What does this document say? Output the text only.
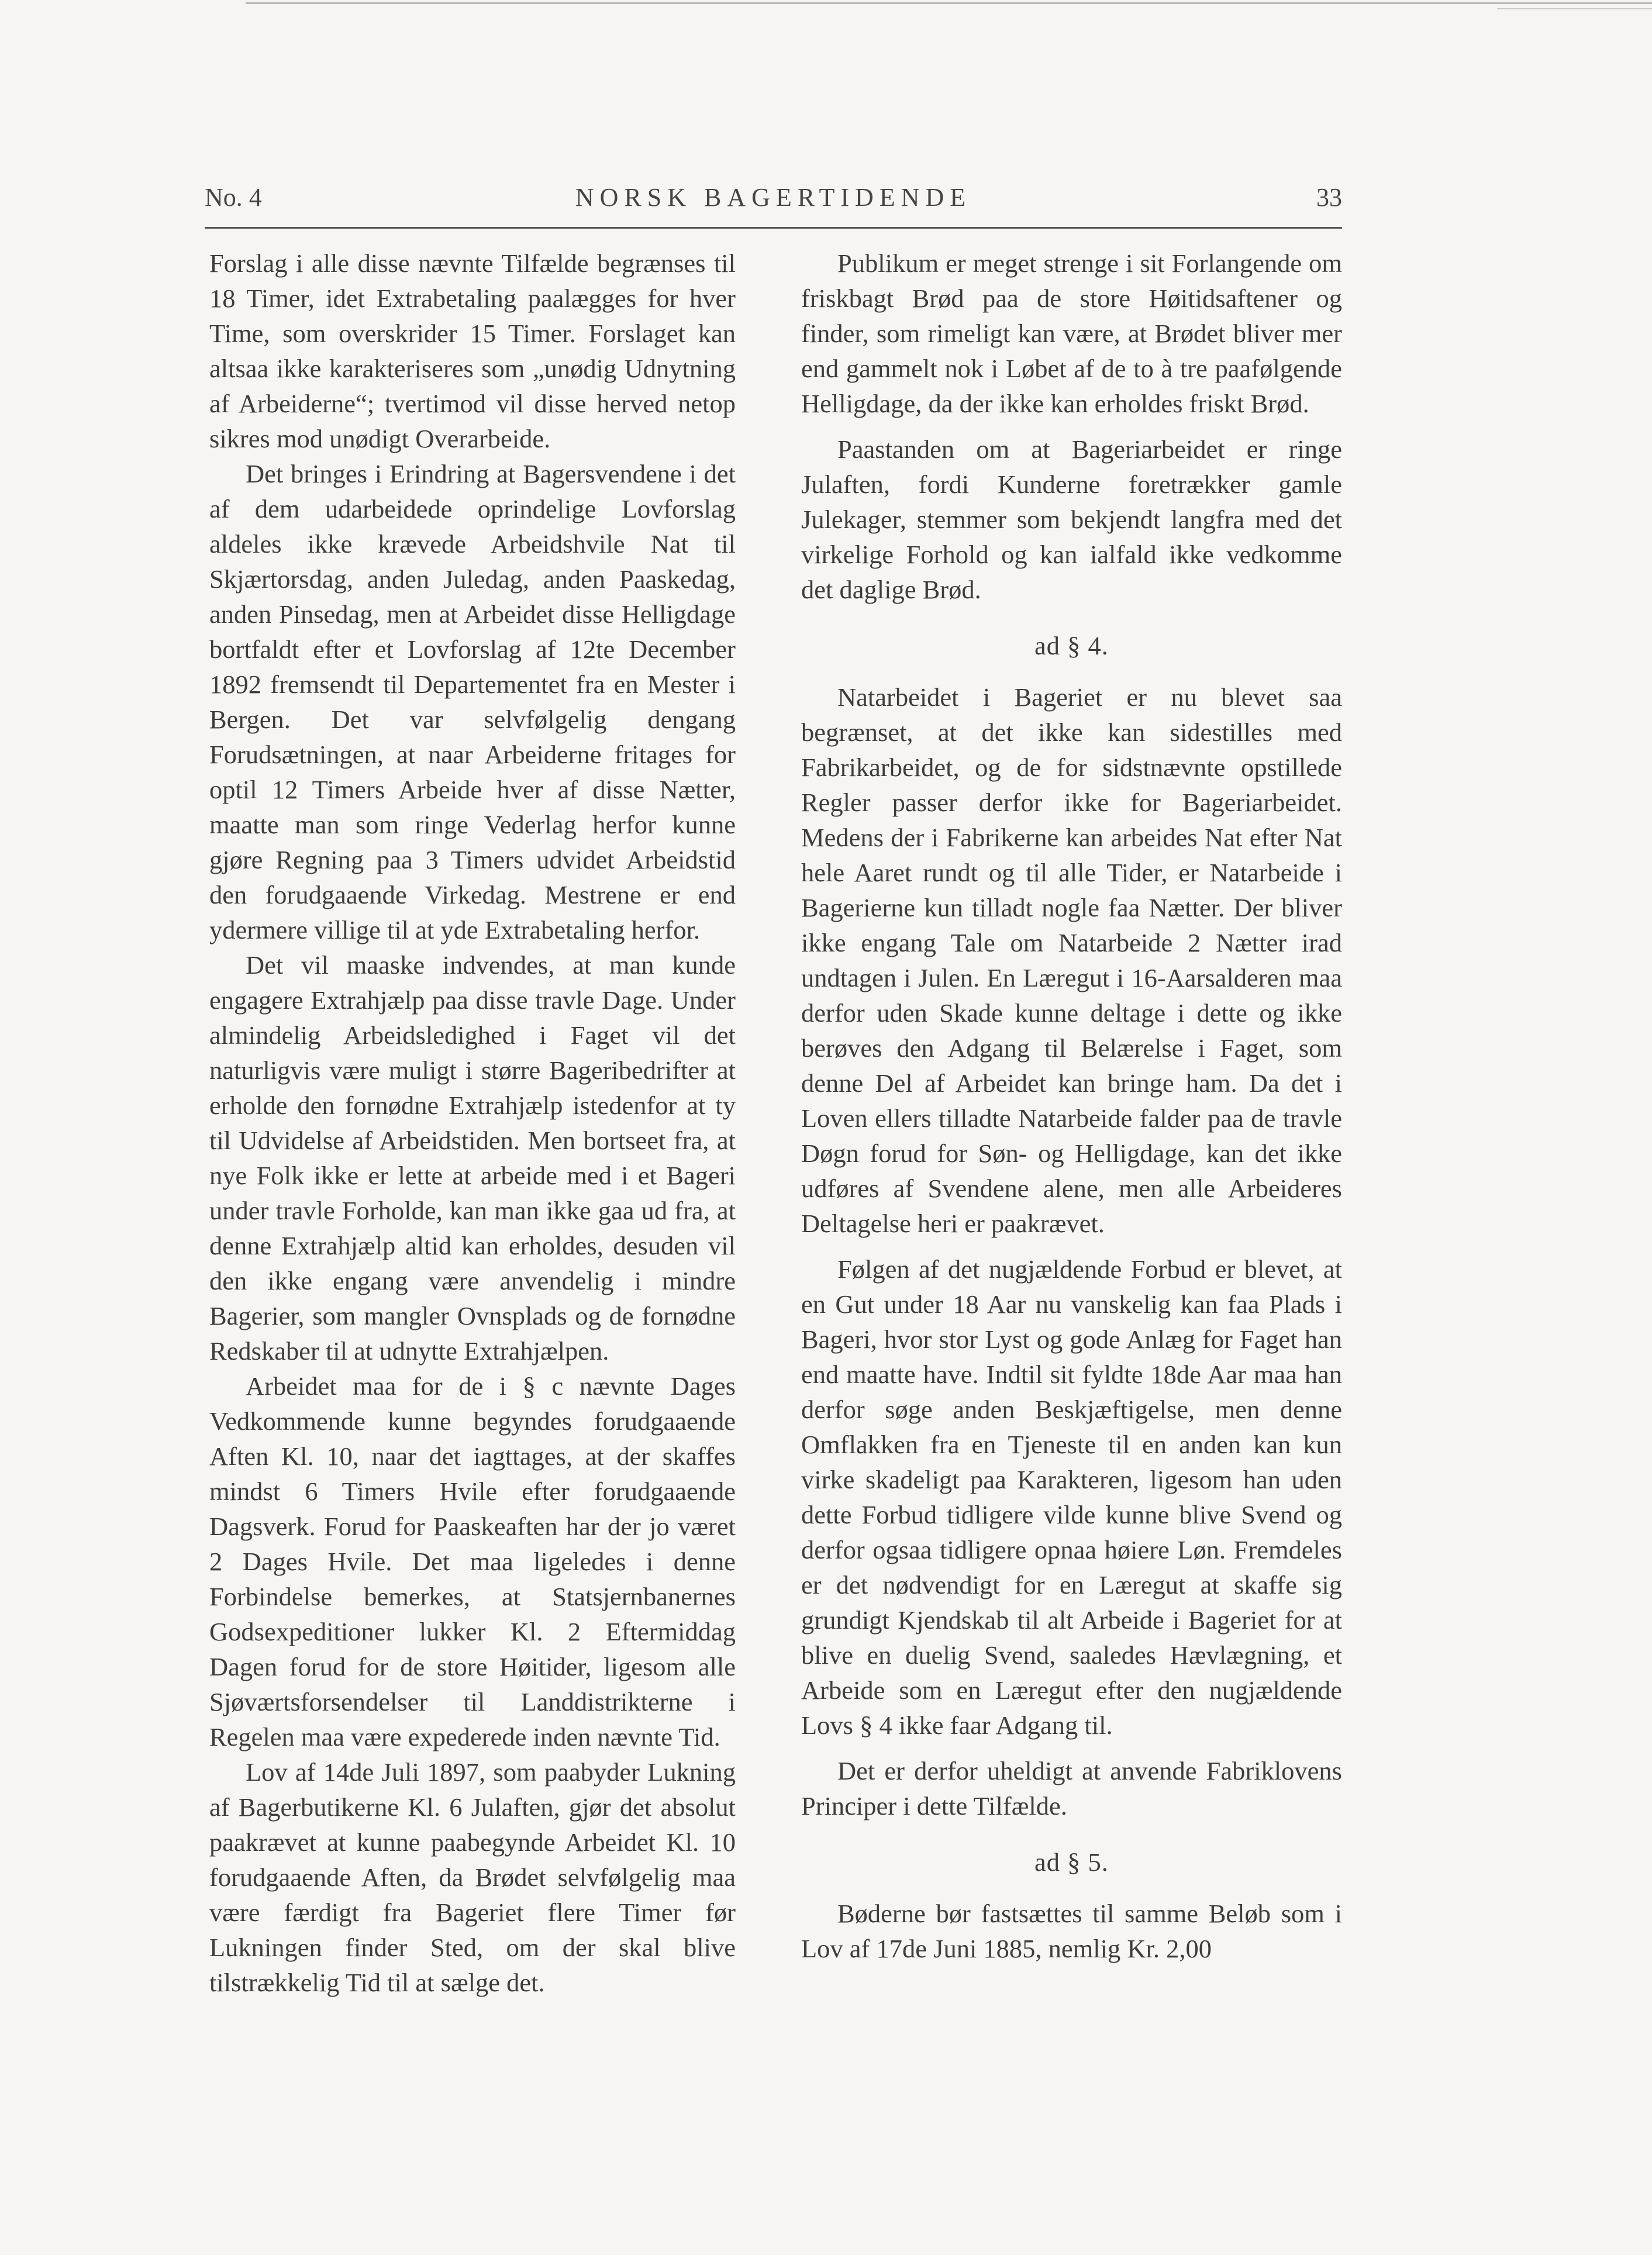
No. 4	NORSK BAGERTIDENDE	33

Forslag i alle disse nævnte Tilfælde begrænses til 18 Timer, idet Extrabetaling paalægges for hver Time, som overskrider 15 Timer. Forslaget kan altsaa ikke karakteriseres som „unødig Udnytning af Arbeiderne“; tvertimod vil disse herved netop sikres mod unødigt Overarbeide.

Det bringes i Erindring at Bagersvendene i det af dem udarbeidede oprindelige Lovforslag aldeles ikke krævede Arbeidshvile Nat til Skjærtorsdag, anden Juledag, anden Paaskedag, anden Pinsedag, men at Arbeidet disse Helligdage bortfaldt efter et Lovforslag af 12te December 1892 fremsendt til Departementet fra en Mester i Bergen. Det var selvfølgelig dengang Forudsætningen, at naar Arbeiderne fritages for optil 12 Timers Arbeide hver af disse Nætter, maatte man som ringe Vederlag herfor kunne gjøre Regning paa 3 Timers udvidet Arbeidstid den forudgaaende Virkedag. Mestrene er end ydermere villige til at yde Extrabetaling herfor.

Det vil maaske indvendes, at man kunde engagere Extrahjælp paa disse travle Dage. Under almindelig Arbeidsledighed i Faget vil det naturligvis være muligt i større Bageribedrifter at erholde den fornødne Extrahjælp istedenfor at ty til Udvidelse af Arbeidstiden. Men bortseet fra, at nye Folk ikke er lette at arbeide med i et Bageri under travle Forholde, kan man ikke gaa ud fra, at denne Extrahjælp altid kan erholdes, desuden vil den ikke engang være anvendelig i mindre Bagerier, som mangler Ovnsplads og de fornødne Redskaber til at udnytte Extrahjælpen.

Arbeidet maa for de i § c nævnte Dages Vedkommende kunne begyndes forudgaaende Aften Kl. 10, naar det iagttages, at der skaffes mindst 6 Timers Hvile efter forudgaaende Dagsverk. Forud for Paaskeaften har der jo været 2 Dages Hvile. Det maa ligeledes i denne Forbindelse bemerkes, at Statsjernbanernes Godsexpeditioner lukker Kl. 2 Eftermiddag Dagen forud for de store Høitider, ligesom alle Sjøværtsforsendelser til Landdistrikterne i Regelen maa være expederede inden nævnte Tid.

Lov af 14de Juli 1897, som paabyder Lukning af Bagerbutikerne Kl. 6 Julaften, gjør det absolut paakrævet at kunne paabegynde Arbeidet Kl. 10 forudgaaende Aften, da Brødet selvfølgelig maa være færdigt fra Bageriet flere Timer før Lukningen finder Sted, om der skal blive tilstrækkelig Tid til at sælge det.

Publikum er meget strenge i sit Forlangende om friskbagt Brød paa de store Høitidsaftener og finder, som rimeligt kan være, at Brødet bliver mer end gammelt nok i Løbet af de to à tre paafølgende Helligdage, da der ikke kan erholdes friskt Brød.

Paastanden om at Bageriarbeidet er ringe Julaften, fordi Kunderne foretrækker gamle Julekager, stemmer som bekjendt langfra med det virkelige Forhold og kan ialfald ikke vedkomme det daglige Brød.

ad § 4.

Natarbeidet i Bageriet er nu blevet saa begrænset, at det ikke kan sidestilles med Fabrikarbeidet, og de for sidstnævnte opstillede Regler passer derfor ikke for Bageriarbeidet. Medens der i Fabrikerne kan arbeides Nat efter Nat hele Aaret rundt og til alle Tider, er Natarbeide i Bagerierne kun tilladt nogle faa Nætter. Der bliver ikke engang Tale om Natarbeide 2 Nætter irad undtagen i Julen. En Læregut i 16-Aarsalderen maa derfor uden Skade kunne deltage i dette og ikke berøves den Adgang til Belærelse i Faget, som denne Del af Arbeidet kan bringe ham. Da det i Loven ellers tilladte Natarbeide falder paa de travle Døgn forud for Søn- og Helligdage, kan det ikke udføres af Svendene alene, men alle Arbeideres Deltagelse heri er paakrævet.

Følgen af det nugjældende Forbud er blevet, at en Gut under 18 Aar nu vanskelig kan faa Plads i Bageri, hvor stor Lyst og gode Anlæg for Faget han end maatte have. Indtil sit fyldte 18de Aar maa han derfor søge anden Beskjæftigelse, men denne Omflakken fra en Tjeneste til en anden kan kun virke skadeligt paa Karakteren, ligesom han uden dette Forbud tidligere vilde kunne blive Svend og derfor ogsaa tidligere opnaa høiere Løn. Fremdeles er det nødvendigt for en Læregut at skaffe sig grundigt Kjendskab til alt Arbeide i Bageriet for at blive en duelig Svend, saaledes Hævlægning, et Arbeide som en Læregut efter den nugjældende Lovs § 4 ikke faar Adgang til.

Det er derfor uheldigt at anvende Fabriklovens Principer i dette Tilfælde.

ad § 5.

Bøderne bør fastsættes til samme Beløb som i Lov af 17de Juni 1885, nemlig Kr. 2,00
